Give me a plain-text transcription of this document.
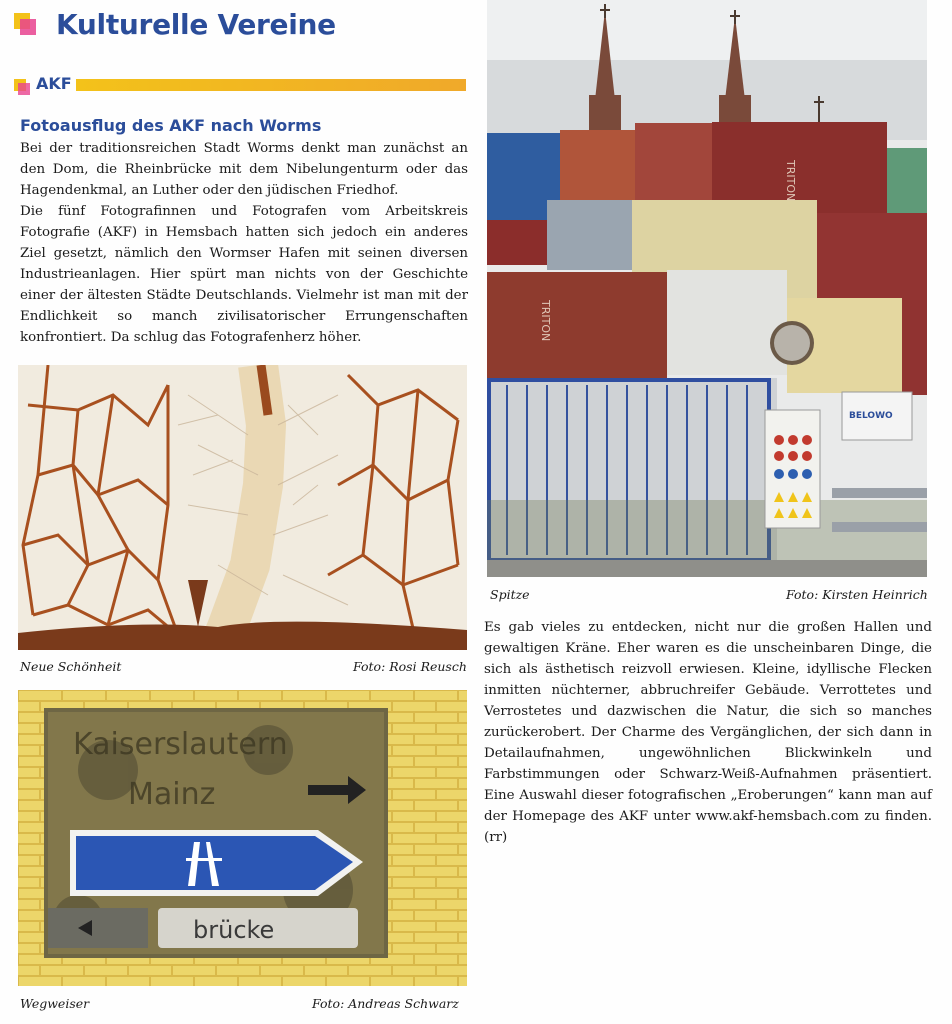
Kulturelle Vereine
AKF
Fotoausflug des AKF nach Worms

Bei der traditionsreichen Stadt Worms denkt man zunächst an den Dom, die Rheinbrücke mit dem Nibelungenturm oder das Hagendenkmal, an Luther oder den jüdischen Friedhof.

Die fünf Fotografinnen und Fotografen vom Arbeitskreis Fotografie (AKF) in Hemsbach hatten sich jedoch ein anderes Ziel gesetzt, nämlich den Wormser Hafen mit seinen diversen Industrieanlagen. Hier spürt man nichts von der Geschichte einer der ältesten Städte Deutschlands. Vielmehr ist man mit der Endlichkeit so manch zivilisatorischer Errungenschaften konfrontiert. Da schlug das Fotografenherz höher.

Neue Schönheit	Foto: Rosi Reusch
Kaiserslautern
Mainz
brücke
Wegweiser	Foto: Andreas Schwarz
TRITON
TRITON
BELOWO
Spitze	Foto: Kirsten Heinrich
Es gab vieles zu entdecken, nicht nur die großen Hallen und gewaltigen Kräne. Eher waren es die unscheinbaren Dinge, die sich als ästhetisch reizvoll erwiesen. Kleine, idyllische Flecken inmitten nüchterner, abbruchreifer Gebäude. Verrottetes und Verrostetes und dazwischen die Natur, die sich so manches zurückerobert. Der Charme des Vergänglichen, der sich dann in Detailaufnahmen, ungewöhnlichen Blickwinkeln und Farbstimmungen oder Schwarz-Weiß-Aufnahmen präsentiert. Eine Auswahl dieser fotografischen „Eroberungen“ kann man auf der Homepage des AKF unter www.akf-hemsbach.com zu finden. (rr)
